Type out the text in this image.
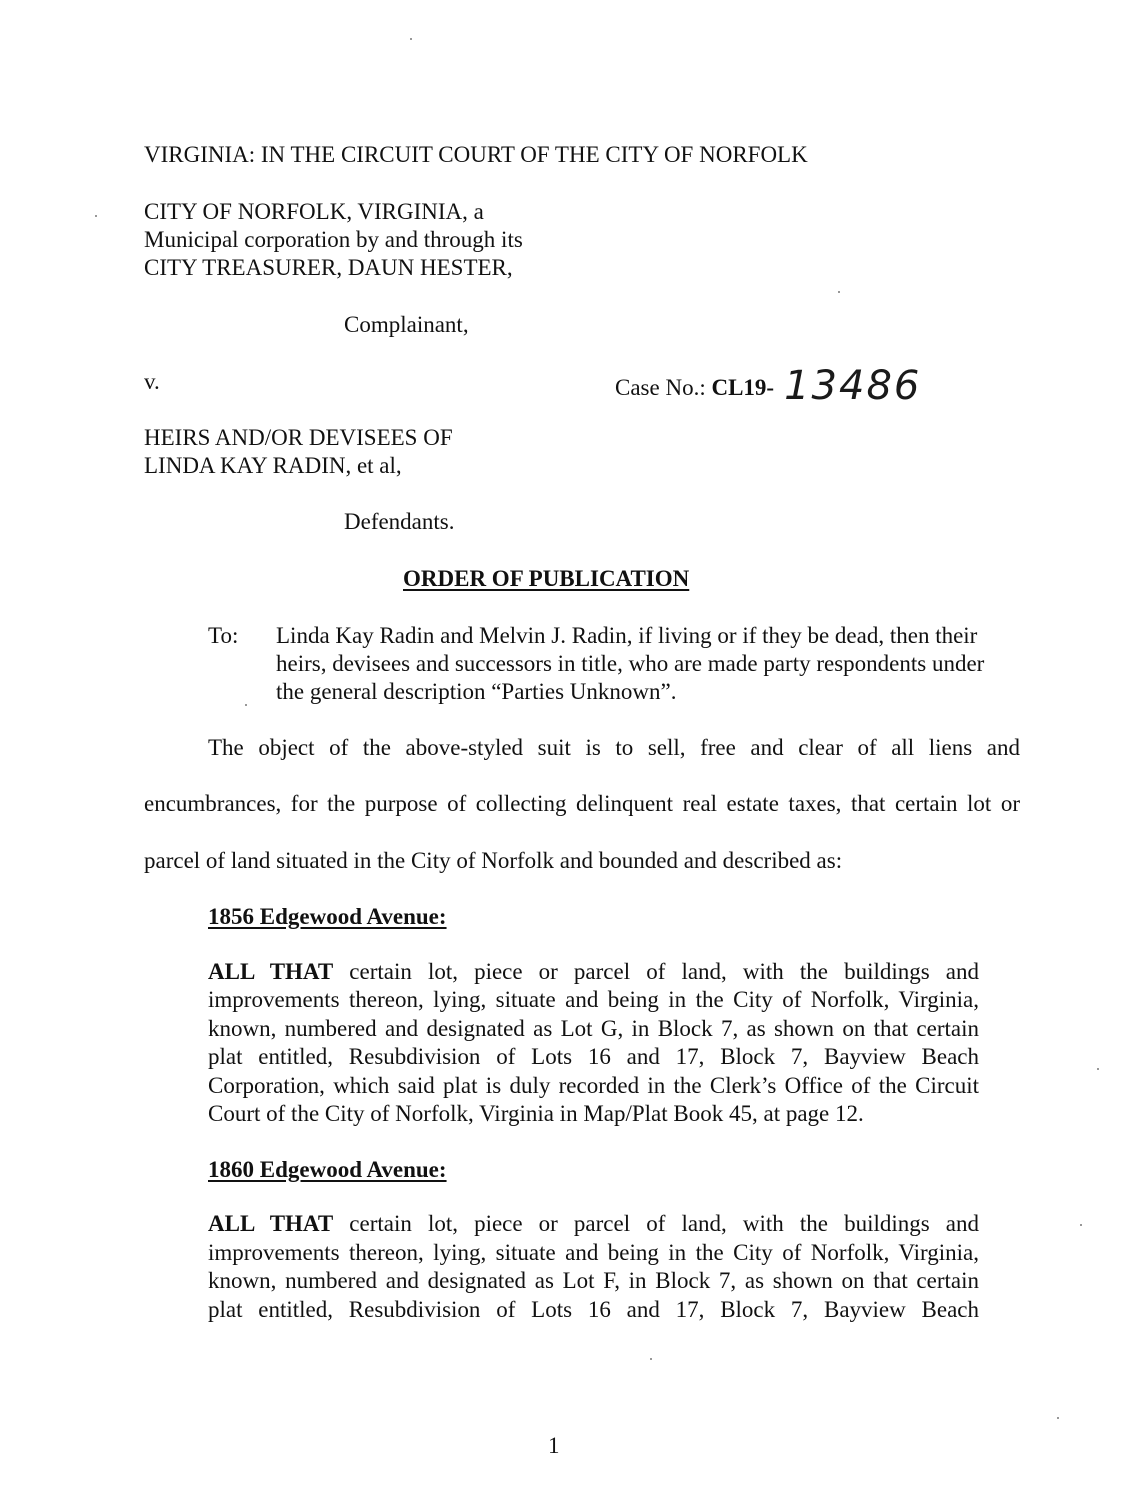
VIRGINIA: IN THE CIRCUIT COURT OF THE CITY OF NORFOLK

CITY OF NORFOLK, VIRGINIA, a

Municipal corporation by and through its

CITY TREASURER, DAUN HESTER,

Complainant,

v.	Case No.: CL19- 13486

HEIRS AND/OR DEVISEES OF

LINDA KAY RADIN, et al,

Defendants.

ORDER OF PUBLICATION

To: Linda Kay Radin and Melvin J. Radin, if living or if they be dead, then their

heirs, devisees and successors in title, who are made party respondents under

the general description “Parties Unknown”.

The object of the above-styled suit is to sell, free and clear of all liens and

encumbrances, for the purpose of collecting delinquent real estate taxes, that certain lot or

parcel of land situated in the City of Norfolk and bounded and described as:

1856 Edgewood Avenue:

ALL THAT certain lot, piece or parcel of land, with the buildings and

improvements thereon, lying, situate and being in the City of Norfolk, Virginia,

known, numbered and designated as Lot G, in Block 7, as shown on that certain

plat entitled, Resubdivision of Lots 16 and 17, Block 7, Bayview Beach

Corporation, which said plat is duly recorded in the Clerk’s Office of the Circuit

Court of the City of Norfolk, Virginia in Map/Plat Book 45, at page 12.

1860 Edgewood Avenue:

ALL THAT certain lot, piece or parcel of land, with the buildings and

improvements thereon, lying, situate and being in the City of Norfolk, Virginia,

known, numbered and designated as Lot F, in Block 7, as shown on that certain

plat entitled, Resubdivision of Lots 16 and 17, Block 7, Bayview Beach

1
